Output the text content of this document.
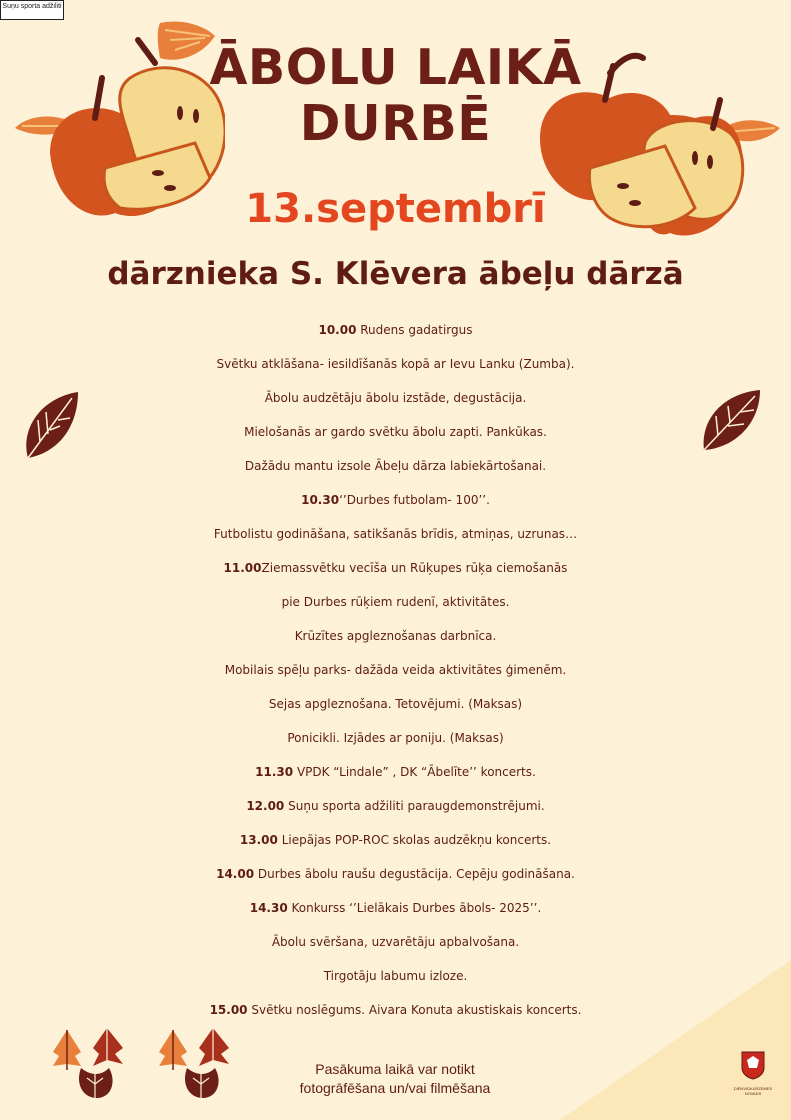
Suņu sporta adžiliti
ĀBOLU LAIKĀ
DURBĒ
13.septembrī
dārznieka S. Klēvera ābeļu dārzā
10.00 Rudens gadatirgus
Svētku atklāšana- iesildīšanās kopā ar Ievu Lanku (Zumba).
Ābolu audzētāju ābolu izstāde, degustācija.
Mielošanās ar gardo svētku ābolu zapti. Pankūkas.
Dažādu mantu izsole Ābeļu dārza labiekārtošanai.
10.30‘’Durbes futbolam- 100’’.
Futbolistu godināšana, satikšanās brīdis, atmiņas, uzrunas…
11.00Ziemassvētku vecīša un Rūķupes rūķa ciemošanās
pie Durbes rūķiem rudenī, aktivitātes.
Krūzītes apgleznošanas darbnīca.
Mobilais spēļu parks- dažāda veida aktivitātes ģimenēm.
Sejas apgleznošana. Tetovējumi. (Maksas)
Ponicikli. Izjādes ar poniju. (Maksas)
11.30 VPDK “Lindale” , DK “Ābelīte’’ koncerts.
12.00 Suņu sporta adžiliti paraugdemonstrējumi.
13.00 Liepājas POP-ROC skolas audzēkņu koncerts.
14.00 Durbes ābolu raušu degustācija. Cepēju godināšana.
14.30 Konkurss ‘’Lielākais Durbes ābols- 2025’’.
Ābolu svēršana, uzvarētāju apbalvošana.
Tirgotāju labumu izloze.
15.00 Svētku noslēgums. Aivara Konuta akustiskais koncerts.
Pasākuma laikā var notikt
fotogrāfēšana un/vai filmēšana	DIENVIDKURZEMES NOVADS
